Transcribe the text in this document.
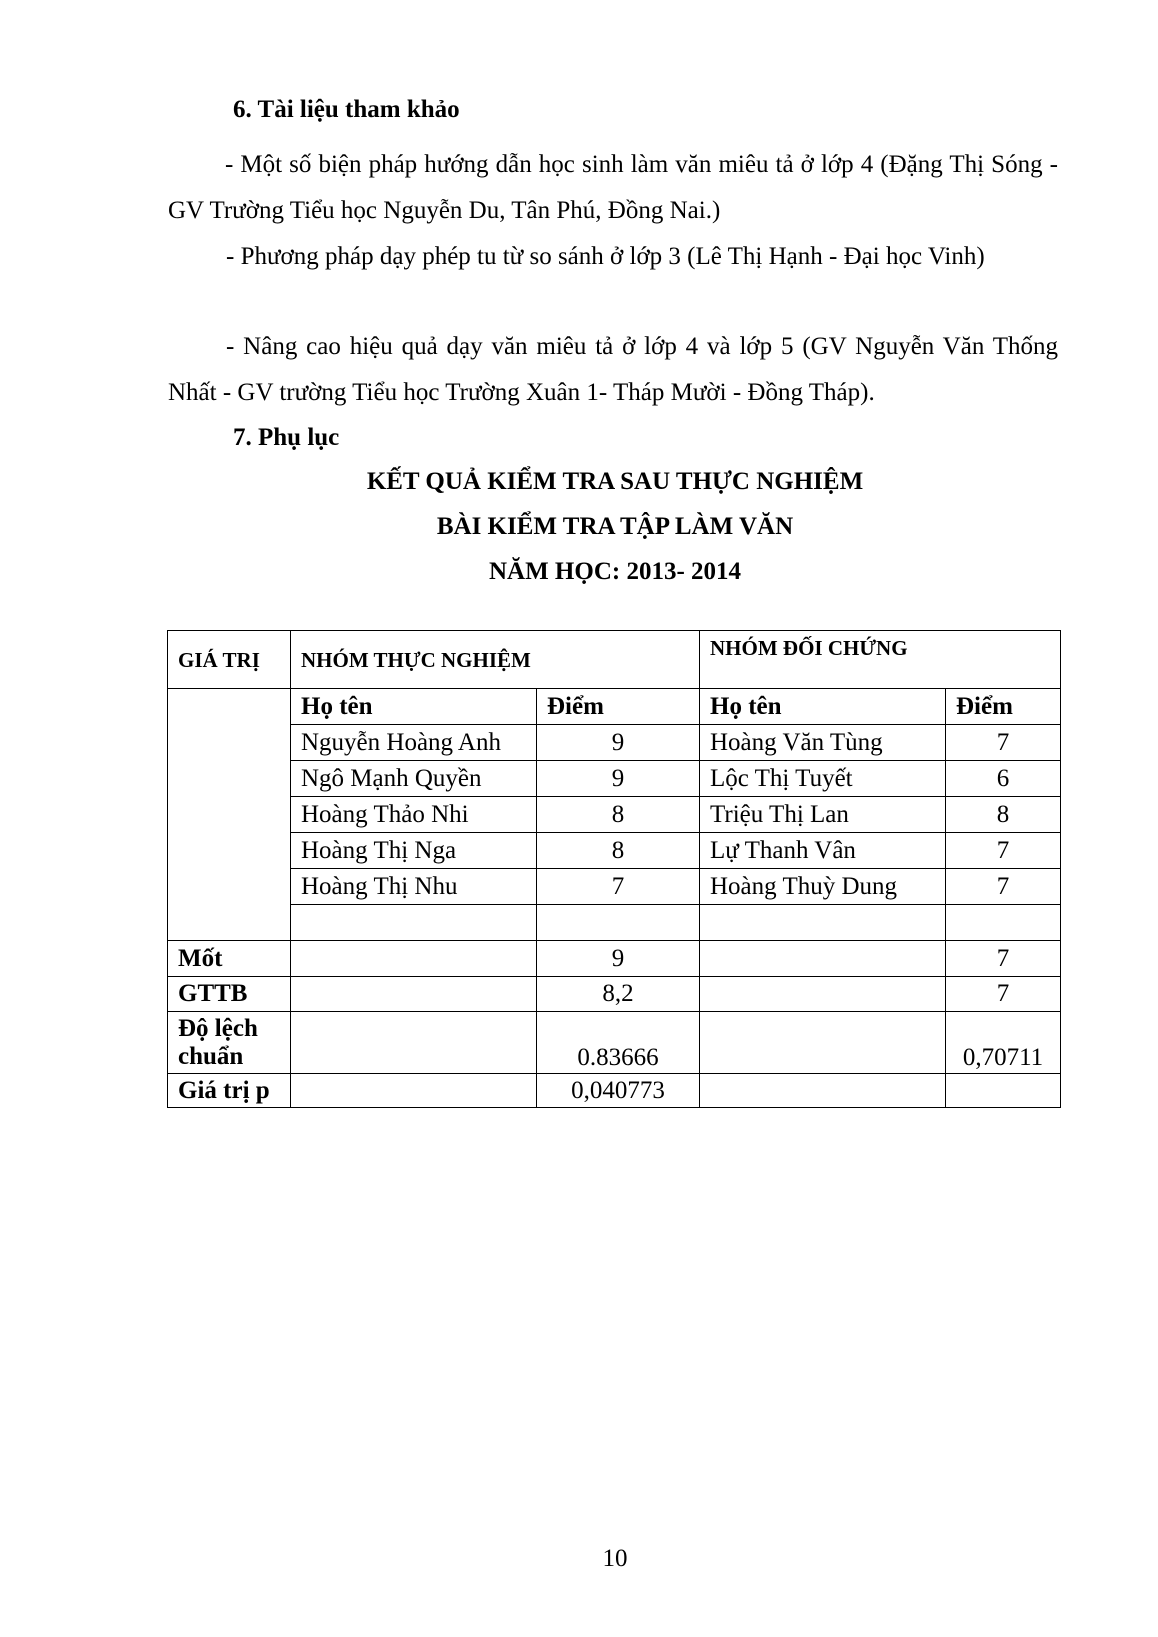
6. Tài liệu tham khảo
- Một số biện pháp hướng dẫn học sinh làm văn miêu tả ở lớp 4 (Đặng Thị Sóng - GV Trường Tiểu học Nguyễn Du, Tân Phú, Đồng Nai.)
- Phương pháp dạy phép tu từ so sánh ở lớp 3 (Lê Thị Hạnh - Đại học Vinh)
- Nâng cao hiệu quả dạy văn miêu tả ở lớp 4 và lớp 5 (GV Nguyễn Văn Thống Nhất - GV trường Tiểu học Trường Xuân 1- Tháp Mười - Đồng Tháp).
7. Phụ lục
KẾT QUẢ KIỂM TRA SAU THỰC NGHIỆM
BÀI KIỂM TRA TẬP LÀM VĂN
NĂM HỌC: 2013- 2014
GIÁ TRỊ	NHÓM THỰC NGHIỆM		NHÓM ĐỐI CHỨNG	
	Họ tên	Điểm	Họ tên	Điểm
	Nguyễn Hoàng Anh	9	Hoàng Văn Tùng	7
	Ngô Mạnh Quyền	9	Lộc Thị Tuyết	6
	Hoàng Thảo Nhi	8	Triệu Thị Lan	8
	Hoàng Thị Nga	8	Lự Thanh Vân	7
	Hoàng Thị Nhu	7	Hoàng Thuỳ Dung	7

Mốt		9		7
GTTB		8,2		7
Độ lệch
chuẩn		0.83666		0,70711
Giá trị p		0,040773		
10
